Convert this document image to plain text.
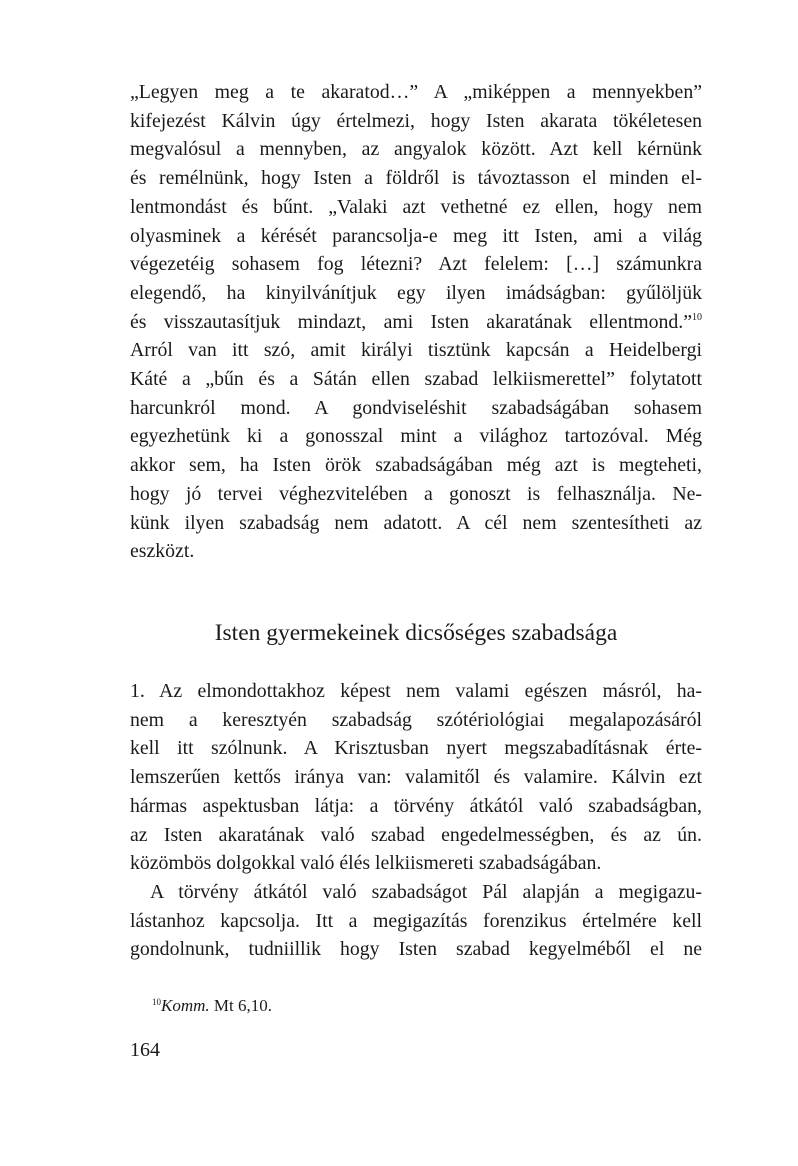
„Legyen meg a te akaratod…” A „miképpen a mennyekben”
kifejezést Kálvin úgy értelmezi, hogy Isten akarata tökéletesen
megvalósul a mennyben, az angyalok között. Azt kell kérnünk
és remélnünk, hogy Isten a földről is távoztasson el minden el-
lentmondást és bűnt. „Valaki azt vethetné ez ellen, hogy nem
olyasminek a kérését parancsolja-e meg itt Isten, ami a világ
végezetéig sohasem fog létezni? Azt felelem: […] számunkra
elegendő, ha kinyilvánítjuk egy ilyen imádságban: gyűlöljük
és visszautasítjuk mindazt, ami Isten akaratának ellentmond.”$^{10}$
Arról van itt szó, amit királyi tisztünk kapcsán a Heidelbergi
Káté a „bűn és a Sátán ellen szabad lelkiismerettel” folytatott
harcunkról mond. A gondviseléshit szabadságában sohasem
egyezhetünk ki a gonosszal mint a világhoz tartozóval. Még
akkor sem, ha Isten örök szabadságában még azt is megteheti,
hogy jó tervei véghezvitelében a gonoszt is felhasználja. Ne-
künk ilyen szabadság nem adatott. A cél nem szentesítheti az
eszközt.
Isten gyermekeinek dicsőséges szabadsága
1. Az elmondottakhoz képest nem valami egészen másról, ha-
nem a keresztyén szabadság szótériológiai megalapozásáról
kell itt szólnunk. A Krisztusban nyert megszabadításnak érte-
lemszerűen kettős iránya van: valamitől és valamire. Kálvin ezt
hármas aspektusban látja: a törvény átkától való szabadságban,
az Isten akaratának való szabad engedelmességben, és az ún.
közömbös dolgokkal való élés lelkiismereti szabadságában.
A törvény átkától való szabadságot Pál alapján a megigazu-
lástanhoz kapcsolja. Itt a megigazítás forenzikus értelmére kell
gondolnunk, tudniillik hogy Isten szabad kegyelméből el ne
$^{10}$Komm. Mt 6,10.
164
